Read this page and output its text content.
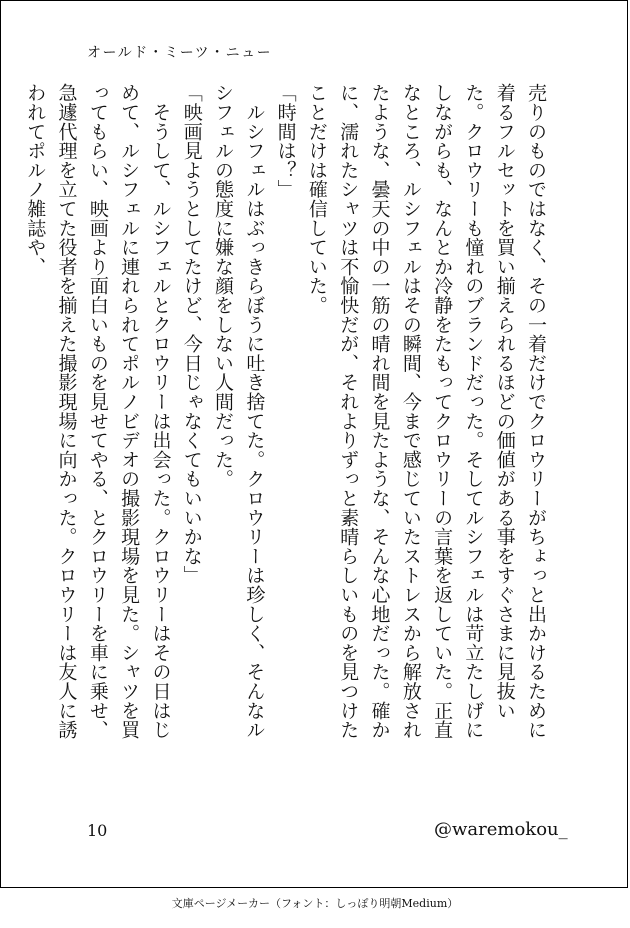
オールド・ミーツ・ニュー

売りのものではなく、その一着だけでクロウリーがちょっと出かけるために着るフルセットを買い揃えられるほどの価値がある事をすぐさまに見抜いた。クロウリーも憧れのブランドだった。そしてルシフェルは苛立たしげにしながらも、なんとか冷静をたもってクロウリーの言葉を返していた。正直なところ、ルシフェルはその瞬間、今まで感じていたストレスから解放されたような、曇天の中の一筋の晴れ間を見たような、そんな心地だった。確かに、濡れたシャツは不愉快だが、それよりずっと素晴らしいものを見つけたことだけは確信していた。

「時間は？」

　ルシフェルはぶっきらぼうに吐き捨てた。クロウリーは珍しく、そんなルシフェルの態度に嫌な顔をしない人間だった。

「映画見ようとしてたけど、今日じゃなくてもいいかな」

　そうして、ルシフェルとクロウリーは出会った。クロウリーはその日はじめて、ルシフェルに連れられてポルノビデオの撮影現場を見た。シャツを買ってもらい、映画より面白いものを見せてやる、とクロウリーを車に乗せ、急遽代理を立てた役者を揃えた撮影現場に向かった。クロウリーは友人に誘われてポルノ雑誌や、

10	@waremokou_
文庫ページメーカー（フォント：しっぽり明朝Medium）
